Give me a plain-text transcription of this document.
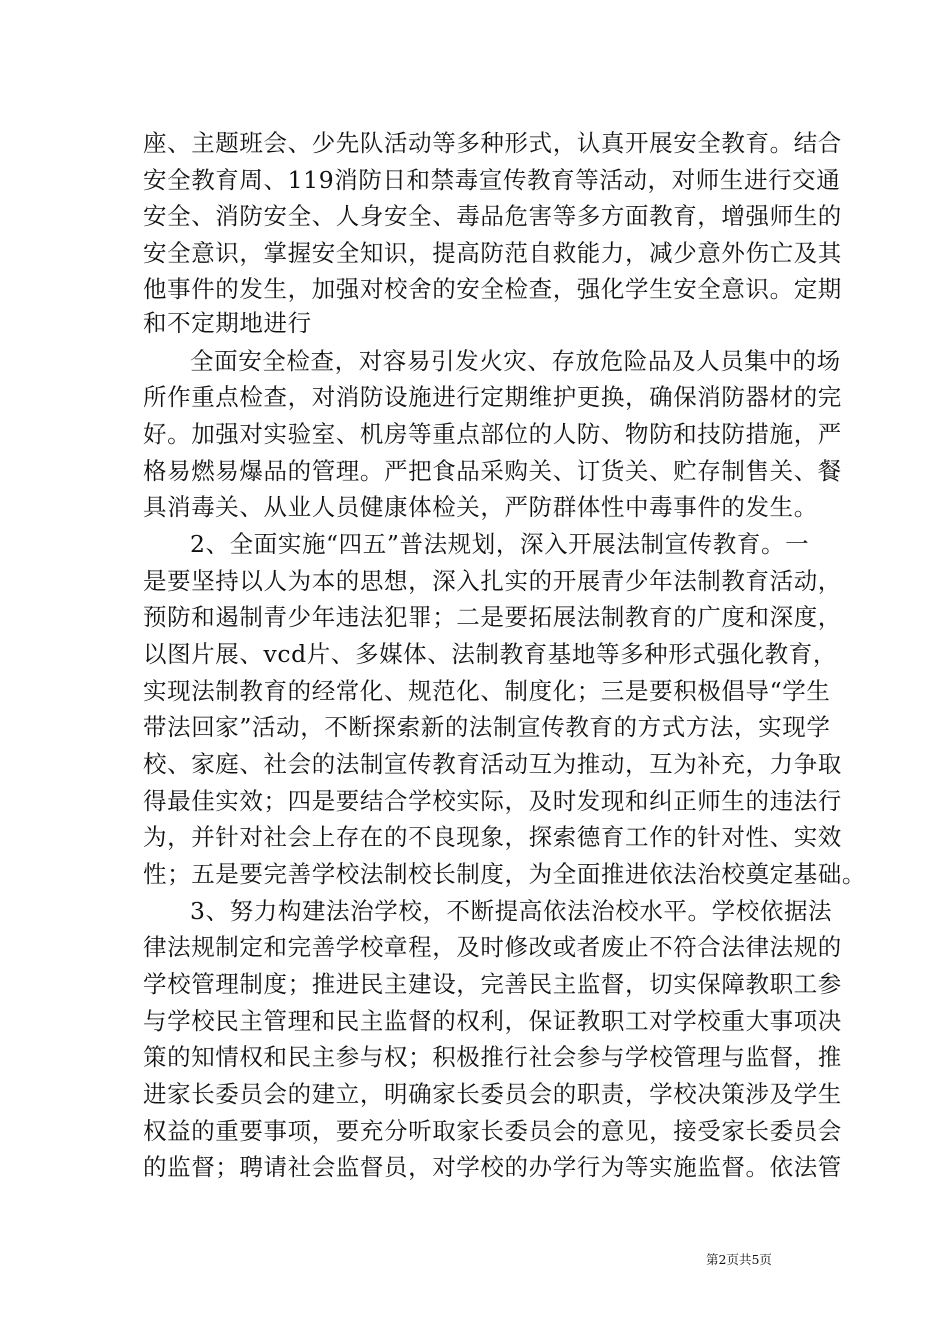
座、主题班会、少先队活动等多种形式，认真开展安全教育。结合
安全教育周、119消防日和禁毒宣传教育等活动，对师生进行交通
安全、消防安全、人身安全、毒品危害等多方面教育，增强师生的
安全意识，掌握安全知识，提高防范自救能力，减少意外伤亡及其
他事件的发生，加强对校舍的安全检查，强化学生安全意识。定期
和不定期地进行
全面安全检查，对容易引发火灾、存放危险品及人员集中的场
所作重点检查，对消防设施进行定期维护更换，确保消防器材的完
好。加强对实验室、机房等重点部位的人防、物防和技防措施，严
格易燃易爆品的管理。严把食品采购关、订货关、贮存制售关、餐
具消毒关、从业人员健康体检关，严防群体性中毒事件的发生。
2、全面实施“四五”普法规划，深入开展法制宣传教育。一
是要坚持以人为本的思想，深入扎实的开展青少年法制教育活动，
预防和遏制青少年违法犯罪；二是要拓展法制教育的广度和深度，
以图片展、vcd片、多媒体、法制教育基地等多种形式强化教育，
实现法制教育的经常化、规范化、制度化；三是要积极倡导“学生
带法回家”活动，不断探索新的法制宣传教育的方式方法，实现学
校、家庭、社会的法制宣传教育活动互为推动，互为补充，力争取
得最佳实效；四是要结合学校实际，及时发现和纠正师生的违法行
为，并针对社会上存在的不良现象，探索德育工作的针对性、实效
性；五是要完善学校法制校长制度，为全面推进依法治校奠定基础。
3、努力构建法治学校，不断提高依法治校水平。学校依据法
律法规制定和完善学校章程，及时修改或者废止不符合法律法规的
学校管理制度；推进民主建设，完善民主监督，切实保障教职工参
与学校民主管理和民主监督的权利，保证教职工对学校重大事项决
策的知情权和民主参与权；积极推行社会参与学校管理与监督，推
进家长委员会的建立，明确家长委员会的职责，学校决策涉及学生
权益的重要事项，要充分听取家长委员会的意见，接受家长委员会
的监督；聘请社会监督员，对学校的办学行为等实施监督。依法管
第2页共5页
